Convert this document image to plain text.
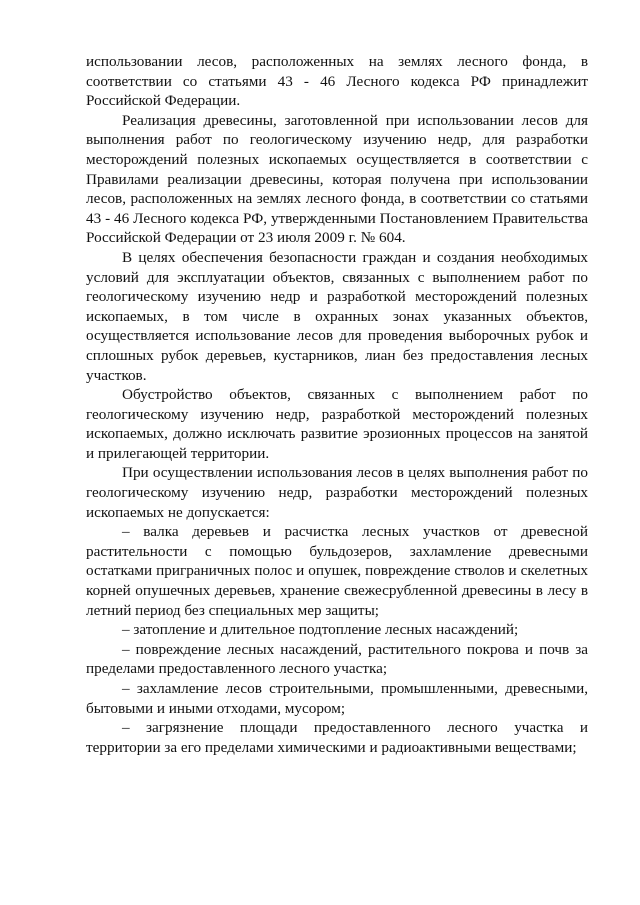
использовании лесов, расположенных на землях лесного фонда, в соответствии со статьями 43 - 46 Лесного кодекса РФ принадлежит Российской Федерации.

Реализация древесины, заготовленной при использовании лесов для выполнения работ по геологическому изучению недр, для разработки месторождений полезных ископаемых осуществляется в соответствии с Правилами реализации древесины, которая получена при использовании лесов, расположенных на землях лесного фонда, в соответствии со статьями 43 - 46 Лесного кодекса РФ, утвержденными Постановлением Правительства Российской Федерации от 23 июля 2009 г. № 604.

В целях обеспечения безопасности граждан и создания необходимых условий для эксплуатации объектов, связанных с выполнением работ по геологическому изучению недр и разработкой месторождений полезных ископаемых, в том числе в охранных зонах указанных объектов, осуществляется использование лесов для проведения выборочных рубок и сплошных рубок деревьев, кустарников, лиан без предоставления лесных участков.

Обустройство объектов, связанных с выполнением работ по геологическому изучению недр, разработкой месторождений полезных ископаемых, должно исключать развитие эрозионных процессов на занятой и прилегающей территории.

При осуществлении использования лесов в целях выполнения работ по геологическому изучению недр, разработки месторождений полезных ископаемых не допускается:

– валка деревьев и расчистка лесных участков от древесной растительности с помощью бульдозеров, захламление древесными остатками приграничных полос и опушек, повреждение стволов и скелетных корней опушечных деревьев, хранение свежесрубленной древесины в лесу в летний период без специальных мер защиты;

– затопление и длительное подтопление лесных насаждений;

– повреждение лесных насаждений, растительного покрова и почв за пределами предоставленного лесного участка;

– захламление лесов строительными, промышленными, древесными, бытовыми и иными отходами, мусором;

– загрязнение площади предоставленного лесного участка и территории за его пределами химическими и радиоактивными веществами;
